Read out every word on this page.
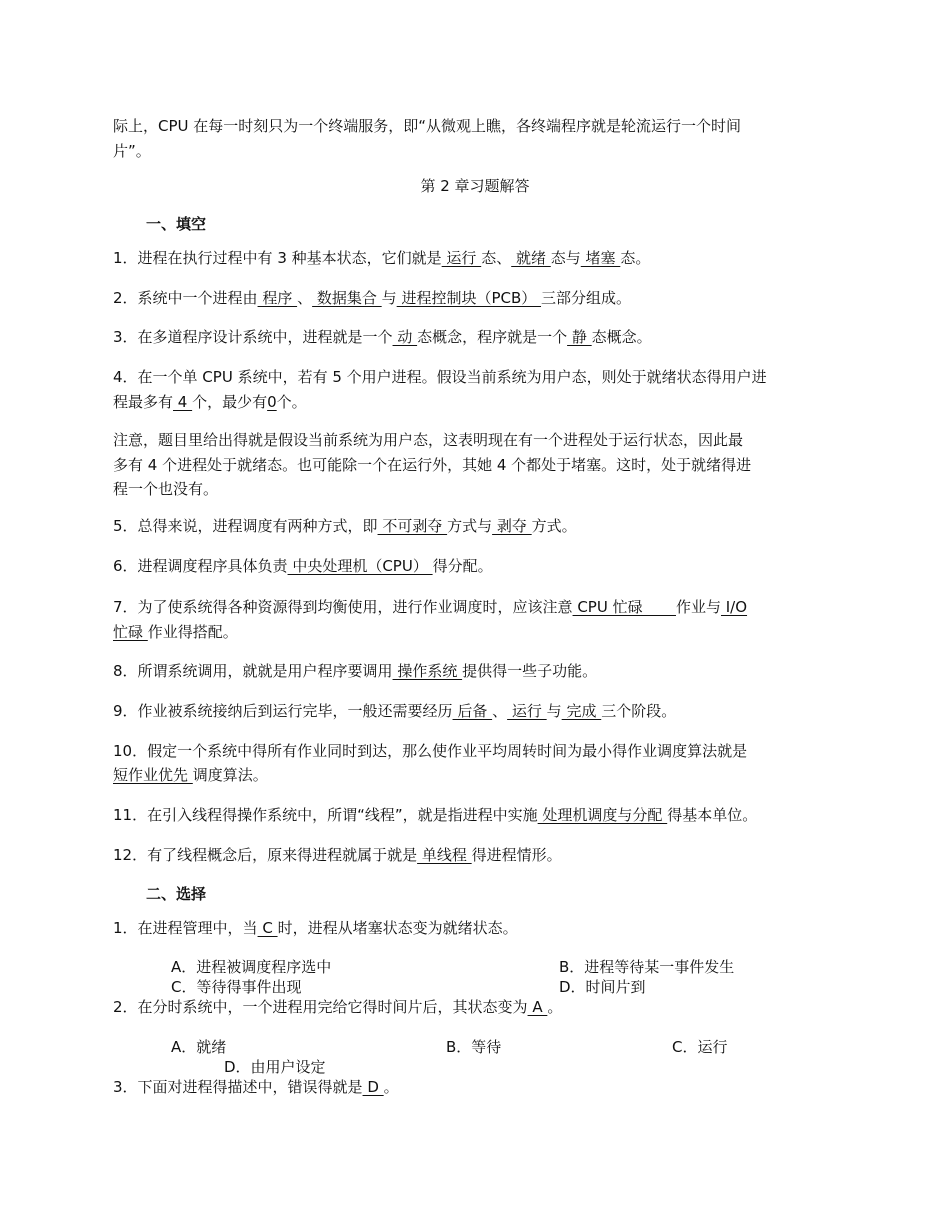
际上，CPU 在每一时刻只为一个终端服务，即“从微观上瞧，各终端程序就是轮流运行一个时间
片”。
第 2 章习题解答
一、填空
1．进程在执行过程中有 3 种基本状态，它们就是 运行 态、 就绪 态与 堵塞 态。
2．系统中一个进程由 程序 、 数据集合 与 进程控制块（PCB） 三部分组成。
3．在多道程序设计系统中，进程就是一个 动 态概念，程序就是一个 静 态概念。
4．在一个单 CPU 系统中，若有 5 个用户进程。假设当前系统为用户态，则处于就绪状态得用户进
程最多有 4 个，最少有0个。
注意，题目里给出得就是假设当前系统为用户态，这表明现在有一个进程处于运行状态，因此最
多有 4 个进程处于就绪态。也可能除一个在运行外，其她 4 个都处于堵塞。这时，处于就绪得进
程一个也没有。
5．总得来说，进程调度有两种方式，即 不可剥夺 方式与 剥夺 方式。
6．进程调度程序具体负责 中央处理机（CPU） 得分配。
7．为了使系统得各种资源得到均衡使用，进行作业调度时，应该注意 CPU 忙碌       作业与 I/O
忙碌 作业得搭配。
8．所谓系统调用，就就是用户程序要调用 操作系统 提供得一些子功能。
9．作业被系统接纳后到运行完毕，一般还需要经历 后备 、 运行 与 完成 三个阶段。
10．假定一个系统中得所有作业同时到达，那么使作业平均周转时间为最小得作业调度算法就是
短作业优先 调度算法。
11．在引入线程得操作系统中，所谓“线程”，就是指进程中实施 处理机调度与分配 得基本单位。
12．有了线程概念后，原来得进程就属于就是 单线程 得进程情形。
二、选择
1．在进程管理中，当 C 时，进程从堵塞状态变为就绪状态。
A．进程被调度程序选中	B．进程等待某一事件发生
C．等待得事件出现	D．时间片到
2．在分时系统中，一个进程用完给它得时间片后，其状态变为 A 。
A．就绪	B．等待	C．运行
D．由用户设定
3．下面对进程得描述中，错误得就是 D 。
